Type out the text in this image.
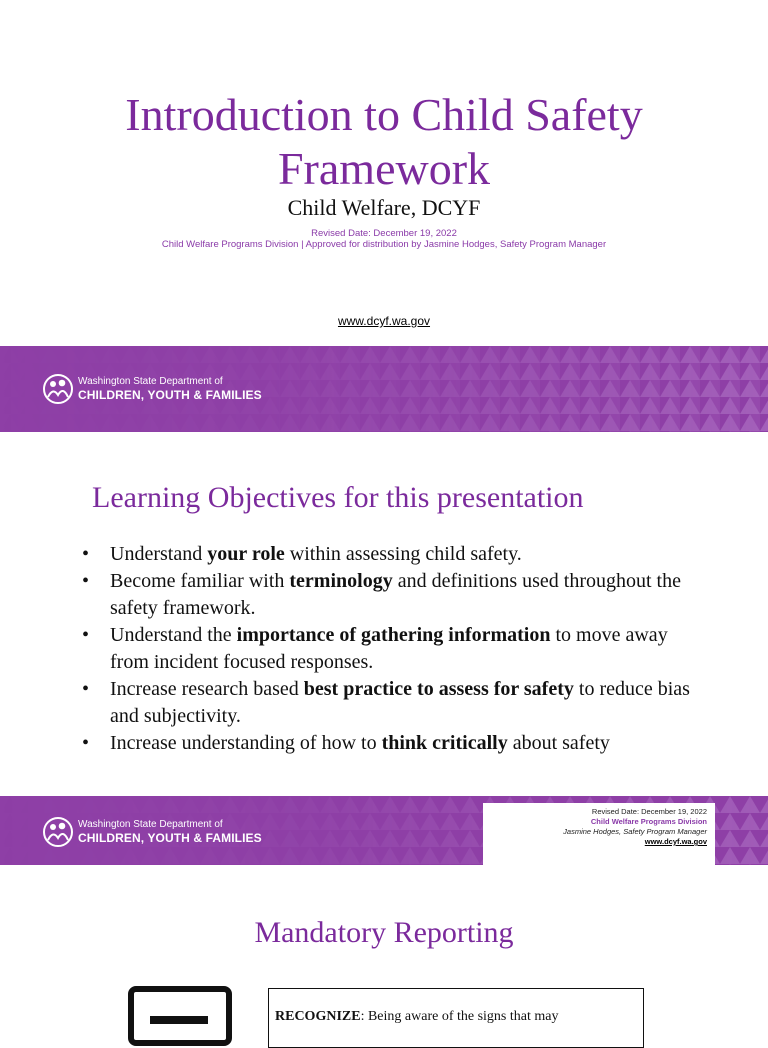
Introduction to Child Safety
Framework
Child Welfare, DCYF
Revised Date: December 19, 2022
Child Welfare Programs Division | Approved for distribution by Jasmine Hodges, Safety Program Manager
www.dcyf.wa.gov
Washington State Department of
CHILDREN, YOUTH & FAMILIES
Learning Objectives for this presentation
• Understand your role within assessing child safety.
• Become familiar with terminology and definitions used throughout the safety framework.
• Understand the importance of gathering information to move away from incident focused responses.
• Increase research based best practice to assess for safety to reduce bias and subjectivity.
• Increase understanding of how to think critically about safety
Washington State Department of
CHILDREN, YOUTH & FAMILIES
Revised Date: December 19, 2022
Child Welfare Programs Division
Jasmine Hodges, Safety Program Manager
www.dcyf.wa.gov
Mandatory Reporting
RECOGNIZE: Being aware of the signs that may
